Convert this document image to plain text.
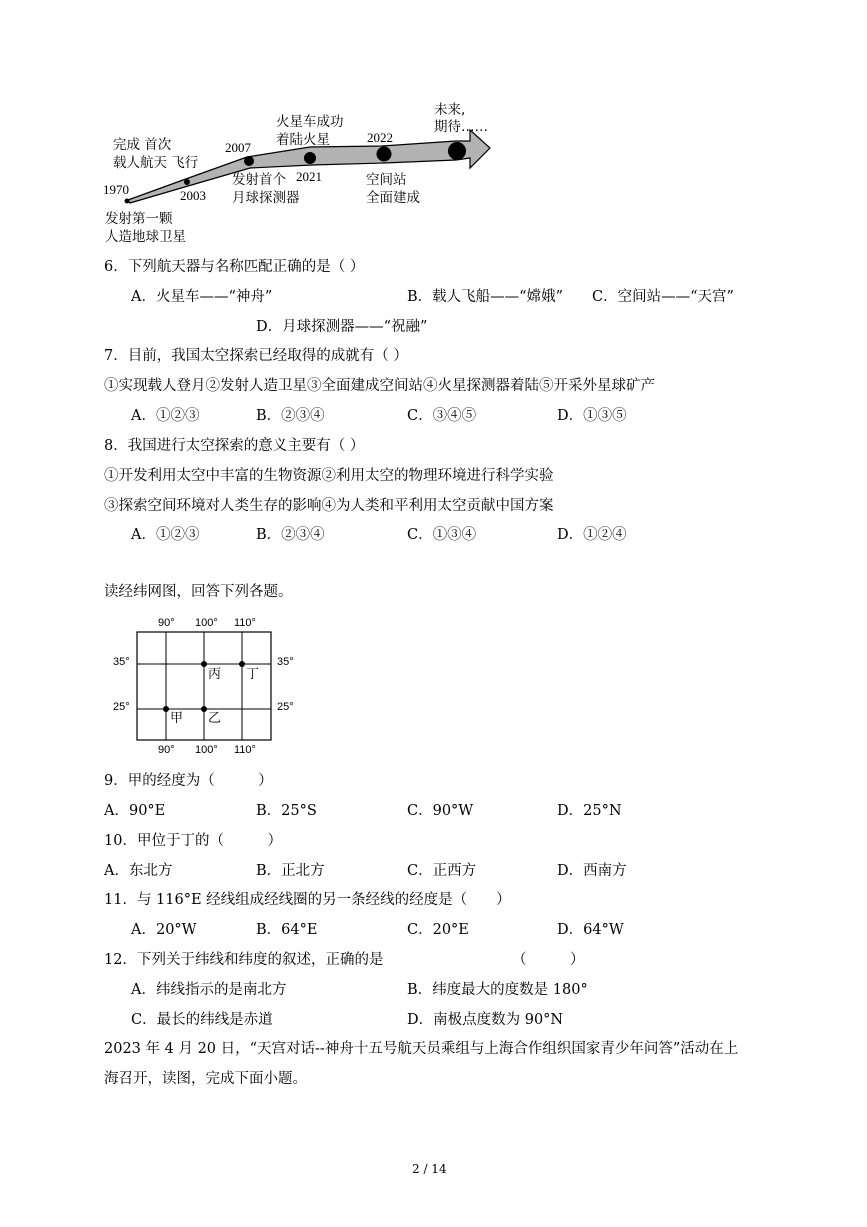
完成 首次
载人航天 飞行
1970
发射第一颗
人造地球卫星
2003
2007
发射首个
月球探测器
火星车成功
着陆火星
2021
2022
空间站
全面建成
未来,
期待……
6．下列航天器与名称匹配正确的是（ ）
A．火星车——“神舟”	B．载人飞船——“嫦娥” C．空间站——“天宫”
D．月球探测器——“祝融”
7．目前，我国太空探索已经取得的成就有（ ）
①实现载人登月②发射人造卫星③全面建成空间站④火星探测器着陆⑤开采外星球矿产
A．①②③	B．②③④	C．③④⑤	D．①③⑤
8．我国进行太空探索的意义主要有（ ）
①开发利用太空中丰富的生物资源②利用太空的物理环境进行科学实验
③探索空间环境对人类生存的影响④为人类和平利用太空贡献中国方案
A．①②③	B．②③④	C．①③④	D．①②④
读经纬网图，回答下列各题。
90° 100° 110°
90° 100° 110°
35°
25°
35°
25°
甲 乙
丙 丁
9．甲的经度为（　　　）
A．90°E	B．25°S	C．90°W	D．25°N
10．甲位于丁的（　　　）
A．东北方	B．正北方	C．正西方	D．西南方
11．与 116°E 经线组成经线圈的另一条经线的经度是（　　）
A．20°W	B．64°E	C．20°E	D．64°W
12．下列关于纬线和纬度的叙述，正确的是	（　　　）
A．纬线指示的是南北方	B．纬度最大的度数是 180°
C．最长的纬线是赤道	D．南极点度数为 90°N
2023 年 4 月 20 日，“天宫对话--神舟十五号航天员乘组与上海合作组织国家青少年问答”活动在上
海召开，读图，完成下面小题。
2 / 14
